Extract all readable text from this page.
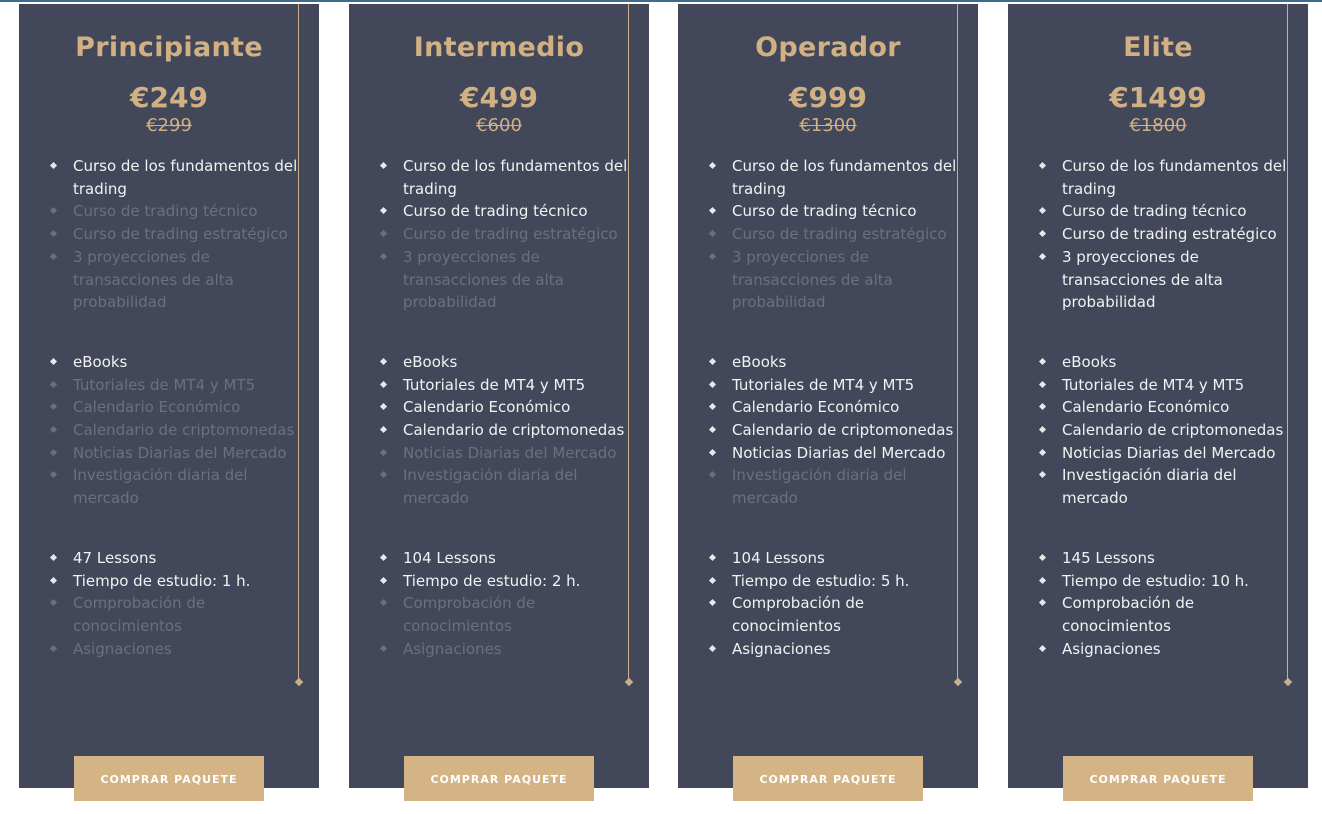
Principiante
€249
€299
Curso de los fundamentos del trading
Curso de trading técnico
Curso de trading estratégico
3 proyecciones de transacciones de alta probabilidad
eBooks
Tutoriales de MT4 y MT5
Calendario Económico
Calendario de criptomonedas
Noticias Diarias del Mercado
Investigación diaria del mercado
47 Lessons
Tiempo de estudio: 1 h.
Comprobación de conocimientos
Asignaciones
COMPRAR PAQUETE
Intermedio
€499
€600
Curso de los fundamentos del trading
Curso de trading técnico
Curso de trading estratégico
3 proyecciones de transacciones de alta probabilidad
eBooks
Tutoriales de MT4 y MT5
Calendario Económico
Calendario de criptomonedas
Noticias Diarias del Mercado
Investigación diaria del mercado
104 Lessons
Tiempo de estudio: 2 h.
Comprobación de conocimientos
Asignaciones
COMPRAR PAQUETE
Operador
€999
€1300
Curso de los fundamentos del trading
Curso de trading técnico
Curso de trading estratégico
3 proyecciones de transacciones de alta probabilidad
eBooks
Tutoriales de MT4 y MT5
Calendario Económico
Calendario de criptomonedas
Noticias Diarias del Mercado
Investigación diaria del mercado
104 Lessons
Tiempo de estudio: 5 h.
Comprobación de conocimientos
Asignaciones
COMPRAR PAQUETE
Elite
€1499
€1800
Curso de los fundamentos del trading
Curso de trading técnico
Curso de trading estratégico
3 proyecciones de transacciones de alta probabilidad
eBooks
Tutoriales de MT4 y MT5
Calendario Económico
Calendario de criptomonedas
Noticias Diarias del Mercado
Investigación diaria del mercado
145 Lessons
Tiempo de estudio: 10 h.
Comprobación de conocimientos
Asignaciones
COMPRAR PAQUETE
